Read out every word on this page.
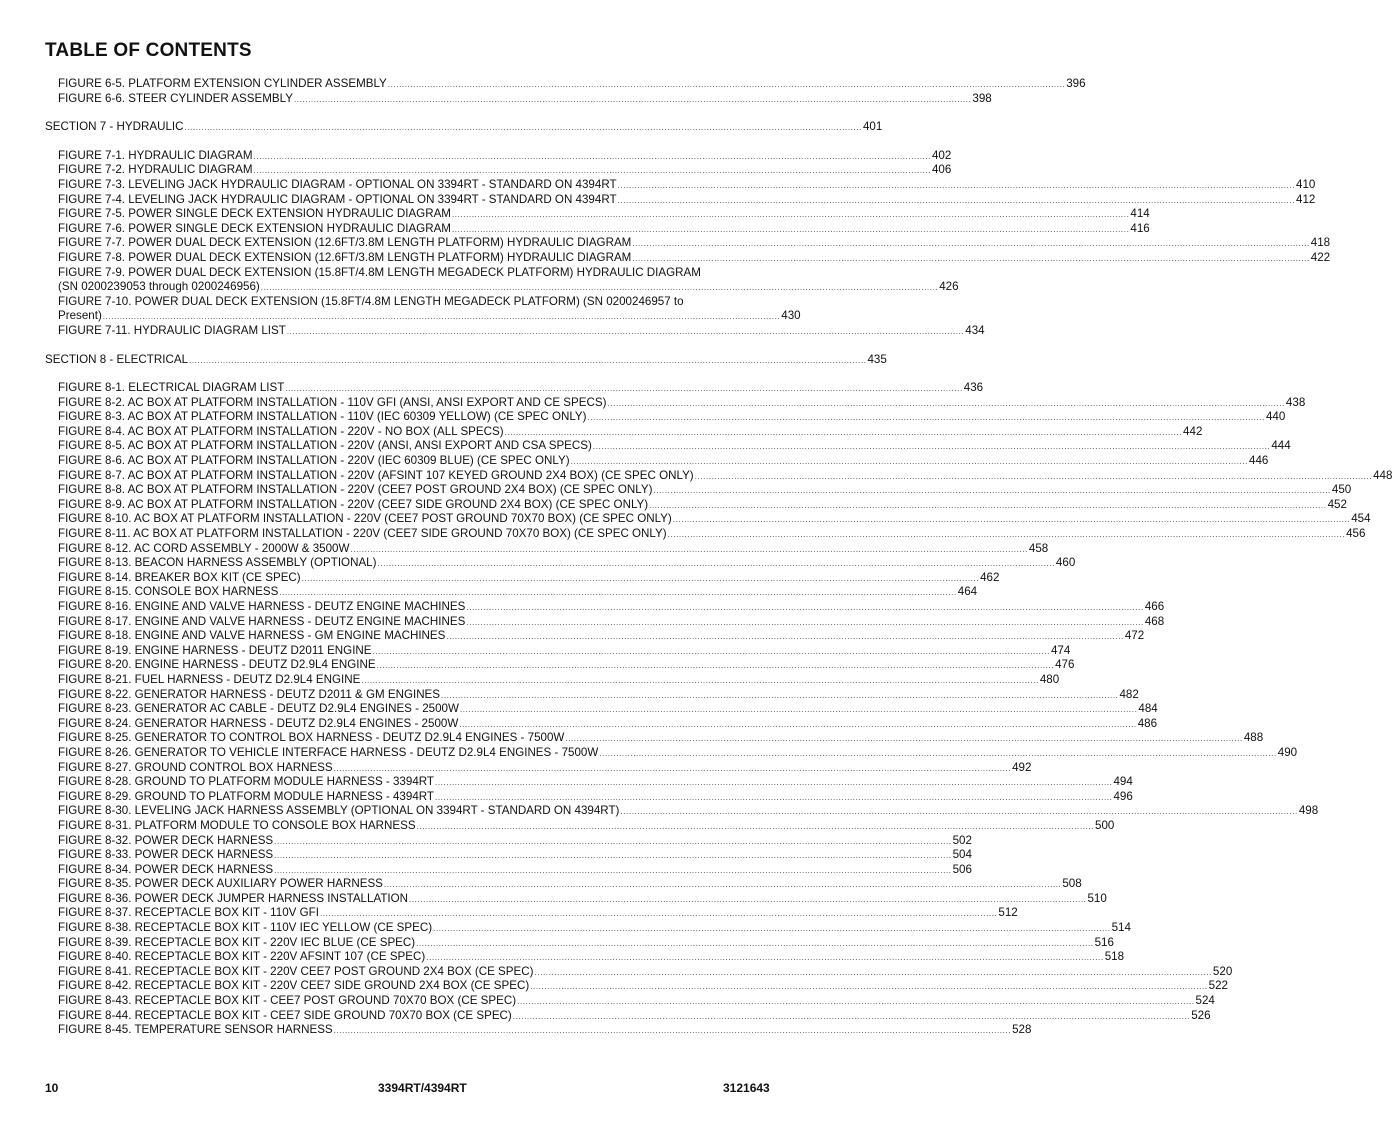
TABLE OF CONTENTS
FIGURE 6-5. PLATFORM EXTENSION CYLINDER ASSEMBLY .....	396
FIGURE 6-6. STEER CYLINDER ASSEMBLY .....	398
SECTION 7 - HYDRAULIC .....	401
FIGURE 7-1. HYDRAULIC DIAGRAM .....	402
FIGURE 7-2. HYDRAULIC DIAGRAM .....	406
FIGURE 7-3. LEVELING JACK HYDRAULIC DIAGRAM - OPTIONAL ON 3394RT - STANDARD ON 4394RT .....	410
FIGURE 7-4. LEVELING JACK HYDRAULIC DIAGRAM - OPTIONAL ON 3394RT - STANDARD ON 4394RT .....	412
FIGURE 7-5. POWER SINGLE DECK EXTENSION HYDRAULIC DIAGRAM .....	414
FIGURE 7-6. POWER SINGLE DECK EXTENSION HYDRAULIC DIAGRAM .....	416
FIGURE 7-7. POWER DUAL DECK EXTENSION (12.6FT/3.8M LENGTH PLATFORM) HYDRAULIC DIAGRAM .....	418
FIGURE 7-8. POWER DUAL DECK EXTENSION (12.6FT/3.8M LENGTH PLATFORM) HYDRAULIC DIAGRAM .....	422
FIGURE 7-9. POWER DUAL DECK EXTENSION (15.8FT/4.8M LENGTH MEGADECK PLATFORM) HYDRAULIC DIAGRAM
(SN 0200239053 through 0200246956) .....	426
FIGURE 7-10. POWER DUAL DECK EXTENSION (15.8FT/4.8M LENGTH MEGADECK PLATFORM) (SN 0200246957 to
Present) .....	430
FIGURE 7-11. HYDRAULIC DIAGRAM LIST .....	434
SECTION 8 - ELECTRICAL .....	435
FIGURE 8-1. ELECTRICAL DIAGRAM LIST .....	436
FIGURE 8-2. AC BOX AT PLATFORM INSTALLATION - 110V GFI (ANSI, ANSI EXPORT AND CE SPECS) .....	438
FIGURE 8-3. AC BOX AT PLATFORM INSTALLATION - 110V (IEC 60309 YELLOW) (CE SPEC ONLY) .....	440
FIGURE 8-4. AC BOX AT PLATFORM INSTALLATION - 220V - NO BOX (ALL SPECS) .....	442
FIGURE 8-5. AC BOX AT PLATFORM INSTALLATION - 220V (ANSI, ANSI EXPORT AND CSA SPECS) .....	444
FIGURE 8-6. AC BOX AT PLATFORM INSTALLATION - 220V (IEC 60309 BLUE) (CE SPEC ONLY) .....	446
FIGURE 8-7. AC BOX AT PLATFORM INSTALLATION - 220V (AFSINT 107 KEYED GROUND 2X4 BOX) (CE SPEC ONLY) .....	448
FIGURE 8-8. AC BOX AT PLATFORM INSTALLATION - 220V (CEE7 POST GROUND 2X4 BOX) (CE SPEC ONLY) .....	450
FIGURE 8-9. AC BOX AT PLATFORM INSTALLATION - 220V (CEE7 SIDE GROUND 2X4 BOX) (CE SPEC ONLY) .....	452
FIGURE 8-10. AC BOX AT PLATFORM INSTALLATION - 220V (CEE7 POST GROUND 70X70 BOX) (CE SPEC ONLY) .....	454
FIGURE 8-11. AC BOX AT PLATFORM INSTALLATION - 220V (CEE7 SIDE GROUND 70X70 BOX) (CE SPEC ONLY) .....	456
FIGURE 8-12. AC CORD ASSEMBLY - 2000W & 3500W .....	458
FIGURE 8-13. BEACON HARNESS ASSEMBLY (OPTIONAL) .....	460
FIGURE 8-14. BREAKER BOX KIT (CE SPEC) .....	462
FIGURE 8-15. CONSOLE BOX HARNESS .....	464
FIGURE 8-16. ENGINE AND VALVE HARNESS - DEUTZ ENGINE MACHINES .....	466
FIGURE 8-17. ENGINE AND VALVE HARNESS - DEUTZ ENGINE MACHINES .....	468
FIGURE 8-18. ENGINE AND VALVE HARNESS - GM ENGINE MACHINES .....	472
FIGURE 8-19. ENGINE HARNESS - DEUTZ D2011 ENGINE .....	474
FIGURE 8-20. ENGINE HARNESS - DEUTZ D2.9L4 ENGINE .....	476
FIGURE 8-21. FUEL HARNESS - DEUTZ D2.9L4 ENGINE .....	480
FIGURE 8-22. GENERATOR HARNESS - DEUTZ D2011 & GM ENGINES .....	482
FIGURE 8-23. GENERATOR AC CABLE - DEUTZ D2.9L4 ENGINES - 2500W .....	484
FIGURE 8-24. GENERATOR HARNESS - DEUTZ D2.9L4 ENGINES - 2500W .....	486
FIGURE 8-25. GENERATOR TO CONTROL BOX HARNESS - DEUTZ D2.9L4 ENGINES - 7500W .....	488
FIGURE 8-26. GENERATOR TO VEHICLE INTERFACE HARNESS - DEUTZ D2.9L4 ENGINES - 7500W .....	490
FIGURE 8-27. GROUND CONTROL BOX HARNESS .....	492
FIGURE 8-28. GROUND TO PLATFORM MODULE HARNESS - 3394RT .....	494
FIGURE 8-29. GROUND TO PLATFORM MODULE HARNESS - 4394RT .....	496
FIGURE 8-30. LEVELING JACK HARNESS ASSEMBLY (OPTIONAL ON 3394RT - STANDARD ON 4394RT) .....	498
FIGURE 8-31. PLATFORM MODULE TO CONSOLE BOX HARNESS .....	500
FIGURE 8-32. POWER DECK HARNESS .....	502
FIGURE 8-33. POWER DECK HARNESS .....	504
FIGURE 8-34. POWER DECK HARNESS .....	506
FIGURE 8-35. POWER DECK AUXILIARY POWER HARNESS .....	508
FIGURE 8-36. POWER DECK JUMPER HARNESS INSTALLATION .....	510
FIGURE 8-37. RECEPTACLE BOX KIT - 110V GFI .....	512
FIGURE 8-38. RECEPTACLE BOX KIT - 110V IEC YELLOW (CE SPEC) .....	514
FIGURE 8-39. RECEPTACLE BOX KIT - 220V IEC BLUE (CE SPEC) .....	516
FIGURE 8-40. RECEPTACLE BOX KIT - 220V AFSINT 107 (CE SPEC) .....	518
FIGURE 8-41. RECEPTACLE BOX KIT - 220V CEE7 POST GROUND 2X4 BOX (CE SPEC) .....	520
FIGURE 8-42. RECEPTACLE BOX KIT - 220V CEE7 SIDE GROUND 2X4 BOX (CE SPEC) .....	522
FIGURE 8-43. RECEPTACLE BOX KIT - CEE7 POST GROUND 70X70 BOX (CE SPEC) .....	524
FIGURE 8-44. RECEPTACLE BOX KIT - CEE7 SIDE GROUND 70X70 BOX (CE SPEC) .....	526
FIGURE 8-45. TEMPERATURE SENSOR HARNESS .....	528
10	3394RT/4394RT	3121643
